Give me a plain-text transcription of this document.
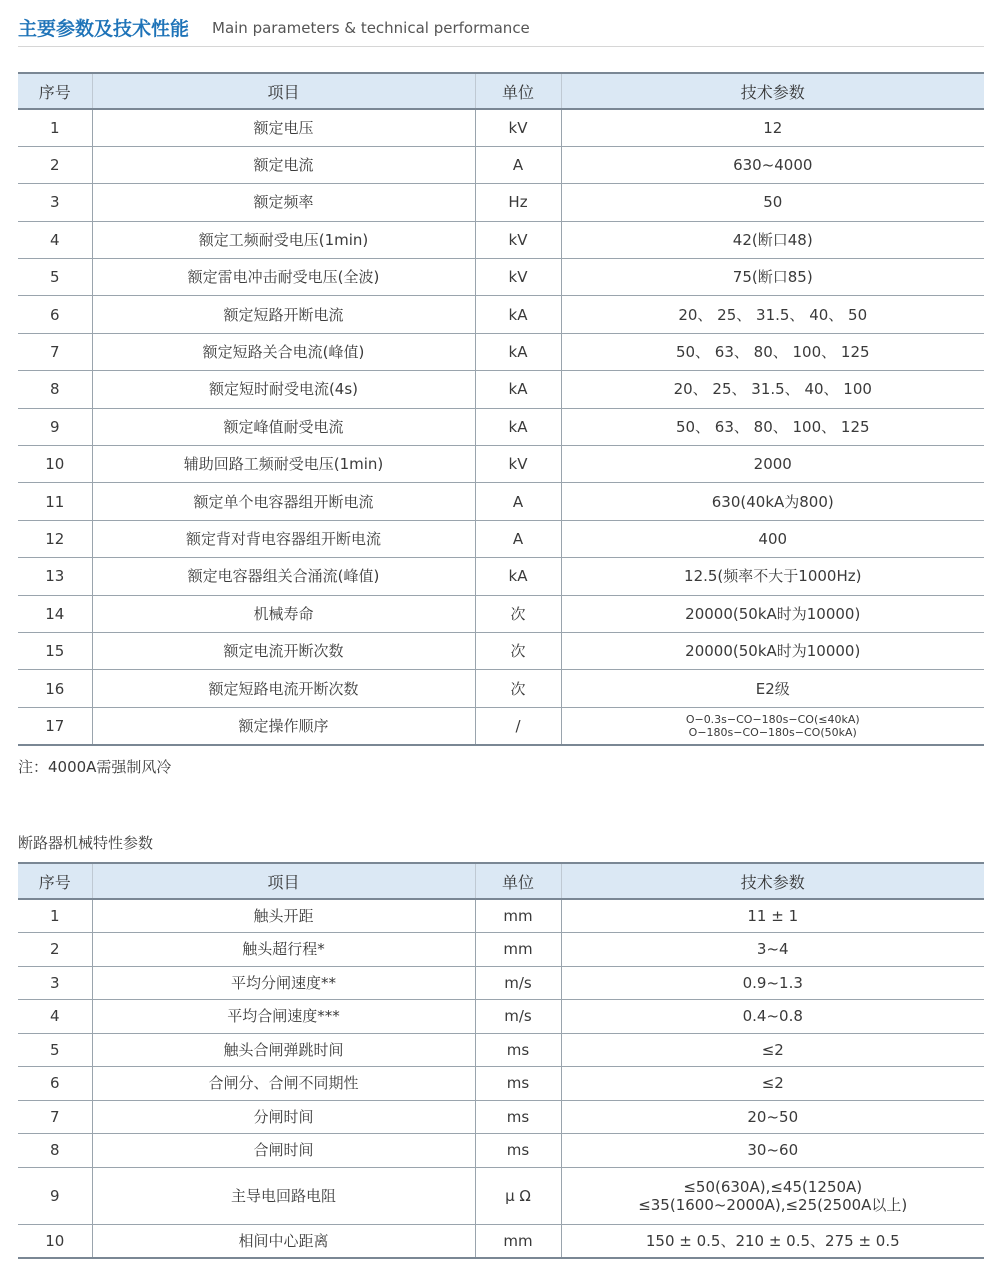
主要参数及技术性能 Main parameters & technical performance
序号	项目	单位	技术参数
1	额定电压	kV	12
2	额定电流	A	630~4000
3	额定频率	Hz	50
4	额定工频耐受电压(1min)	kV	42(断口48)
5	额定雷电冲击耐受电压(全波)	kV	75(断口85)
6	额定短路开断电流	kA	20、 25、 31.5、 40、 50
7	额定短路关合电流(峰值)	kA	50、 63、 80、 100、 125
8	额定短时耐受电流(4s)	kA	20、 25、 31.5、 40、 100
9	额定峰值耐受电流	kA	50、 63、 80、 100、 125
10	辅助回路工频耐受电压(1min)	kV	2000
11	额定单个电容器组开断电流	A	630(40kA为800)
12	额定背对背电容器组开断电流	A	400
13	额定电容器组关合涌流(峰值)	kA	12.5(频率不大于1000Hz)
14	机械寿命	次	20000(50kA时为10000)
15	额定电流开断次数	次	20000(50kA时为10000)
16	额定短路电流开断次数	次	E2级
17	额定操作顺序	/	O−0.3s−CO−180s−CO(≤40kA)
O−180s−CO−180s−CO(50kA)
注：4000A需强制风冷
断路器机械特性参数
序号	项目	单位	技术参数
1	触头开距	mm	11 ± 1
2	触头超行程*	mm	3~4
3	平均分闸速度**	m/s	0.9~1.3
4	平均合闸速度***	m/s	0.4~0.8
5	触头合闸弹跳时间	ms	≤2
6	合闸分、合闸不同期性	ms	≤2
7	分闸时间	ms	20~50
8	合闸时间	ms	30~60
9	主导电回路电阻	μ Ω	≤50(630A),≤45(1250A)
≤35(1600~2000A),≤25(2500A以上)
10	相间中心距离	mm	150 ± 0.5、210 ± 0.5、275 ± 0.5
